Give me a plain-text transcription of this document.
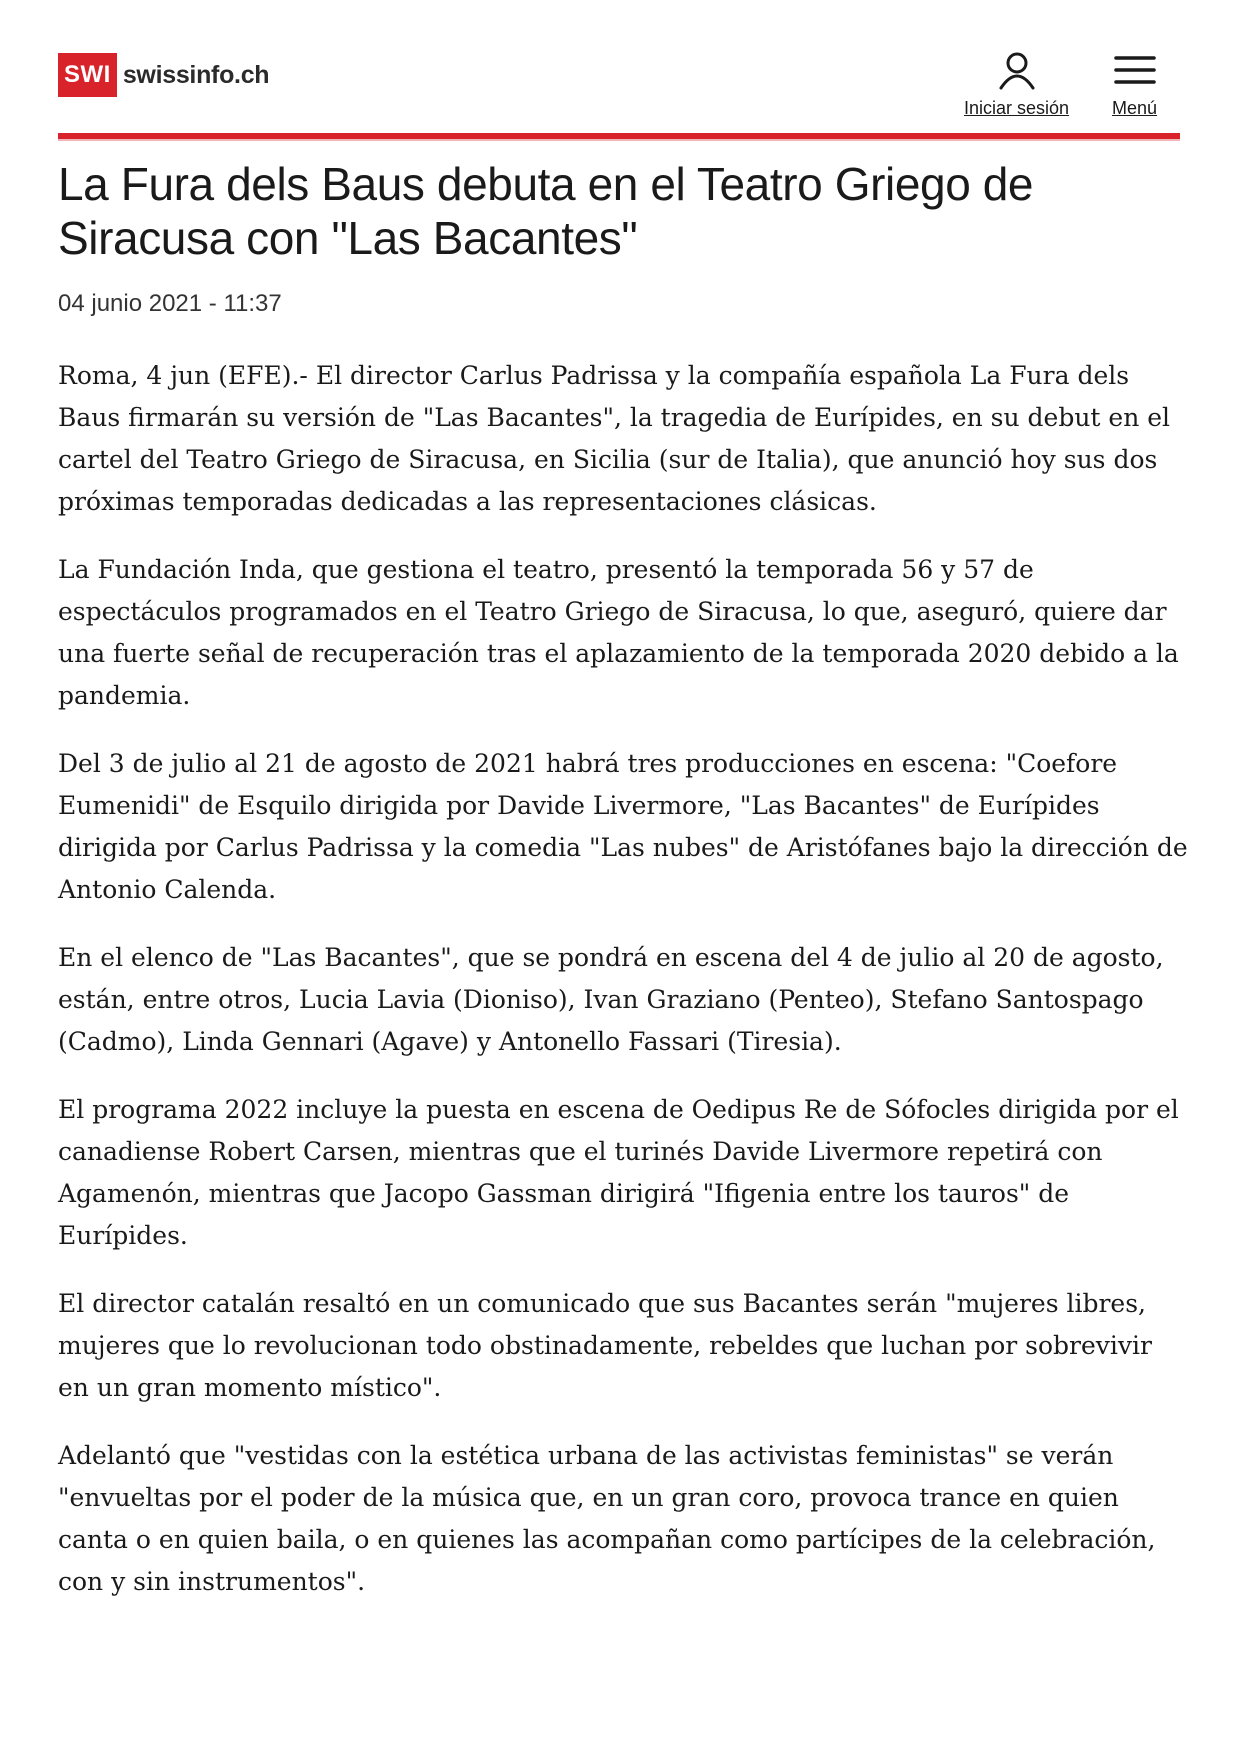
SWI swissinfo.ch
Iniciar sesión Menú
La Fura dels Baus debuta en el Teatro Griego de Siracusa con "Las Bacantes"
04 junio 2021 - 11:37

Roma, 4 jun (EFE).- El director Carlus Padrissa y la compañía española La Fura dels Baus firmarán su versión de "Las Bacantes", la tragedia de Eurípides, en su debut en el cartel del Teatro Griego de Siracusa, en Sicilia (sur de Italia), que anunció hoy sus dos próximas temporadas dedicadas a las representaciones clásicas.

La Fundación Inda, que gestiona el teatro, presentó la temporada 56 y 57 de espectáculos programados en el Teatro Griego de Siracusa, lo que, aseguró, quiere dar una fuerte señal de recuperación tras el aplazamiento de la temporada 2020 debido a la pandemia.

Del 3 de julio al 21 de agosto de 2021 habrá tres producciones en escena: "Coefore Eumenidi" de Esquilo dirigida por Davide Livermore, "Las Bacantes" de Eurípides dirigida por Carlus Padrissa y la comedia "Las nubes" de Aristófanes bajo la dirección de Antonio Calenda.

En el elenco de "Las Bacantes", que se pondrá en escena del 4 de julio al 20 de agosto, están, entre otros, Lucia Lavia (Dioniso), Ivan Graziano (Penteo), Stefano Santospago (Cadmo), Linda Gennari (Agave) y Antonello Fassari (Tiresia).

El programa 2022 incluye la puesta en escena de Oedipus Re de Sófocles dirigida por el canadiense Robert Carsen, mientras que el turinés Davide Livermore repetirá con Agamenón, mientras que Jacopo Gassman dirigirá "Ifigenia entre los tauros" de Eurípides.

El director catalán resaltó en un comunicado que sus Bacantes serán "mujeres libres, mujeres que lo revolucionan todo obstinadamente, rebeldes que luchan por sobrevivir en un gran momento místico".

Adelantó que "vestidas con la estética urbana de las activistas feministas" se verán "envueltas por el poder de la música que, en un gran coro, provoca trance en quien canta o en quien baila, o en quienes las acompañan como partícipes de la celebración, con y sin instrumentos".
